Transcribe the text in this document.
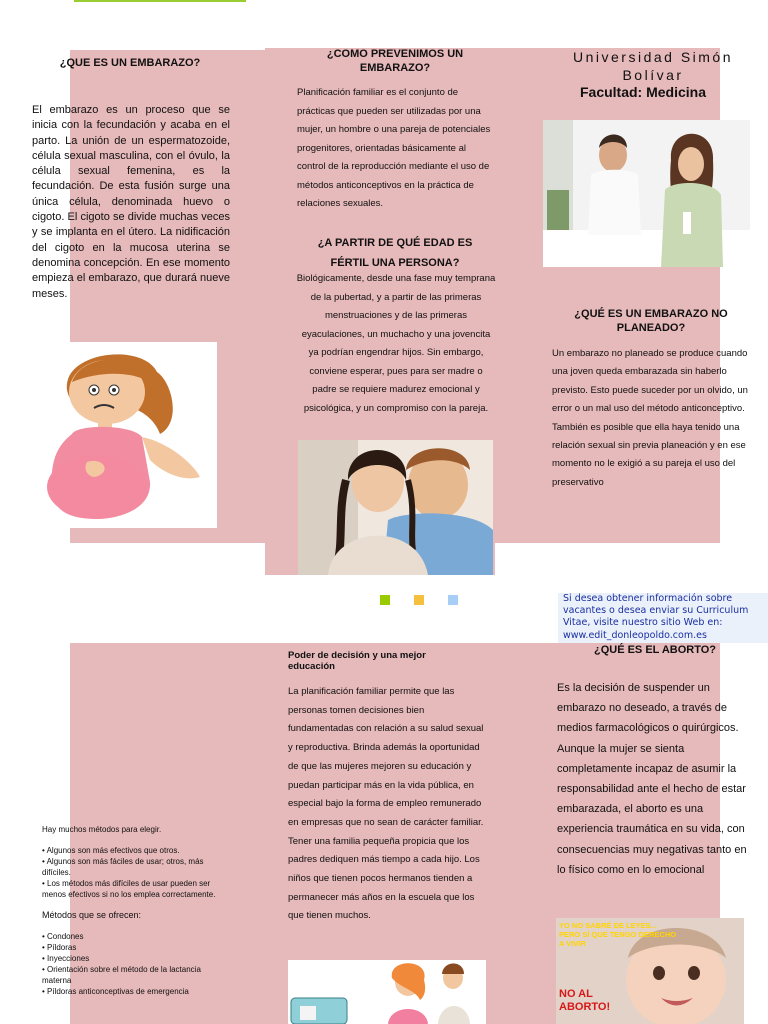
¿QUE ES UN EMBARAZO?

El embarazo es un proceso que se inicia con la fecundación y acaba en el parto. La unión de un espermatozoide, célula sexual masculina, con el óvulo, la célula sexual femenina, es la fecundación. De esta fusión surge una única célula, denominada huevo o cigoto. El cigoto se divide muchas veces y se implanta en el útero. La nidificación del cigoto en la mucosa uterina se denomina concepción. En ese momento empieza el embarazo, que durará nueve meses.

¿COMO PREVENIMOS UN EMBARAZO?

Planificación familiar es el conjunto de prácticas que pueden ser utilizadas por una mujer, un hombre o una pareja de potenciales progenitores, orientadas básicamente al control de la reproducción mediante el uso de métodos anticonceptivos en la práctica de relaciones sexuales.

¿A PARTIR DE QUÉ EDAD ES FÉRTIL UNA PERSONA?

Biológicamente, desde una fase muy temprana de la pubertad, y a partir de las primeras menstruaciones y de las primeras eyaculaciones, un muchacho y una jovencita ya podrían engendrar hijos. Sin embargo, conviene esperar, pues para ser madre o padre se requiere madurez emocional y psicológica, y un compromiso con la pareja.

Universidad Simón Bolívar
Facultad: Medicina
¿QUÉ ES UN EMBARAZO NO PLANEADO?

Un embarazo no planeado se produce cuando una joven queda embarazada sin haberlo previsto. Esto puede suceder por un olvido, un error o un mal uso del método anticonceptivo. También es posible que ella haya tenido una relación sexual sin previa planeación y en ese momento no le exigió a su pareja el uso del preservativo

Si desea obtener información sobre vacantes o desea enviar su Curriculum Vitae, visite nuestro sitio Web en: www.edit_donleopoldo.com.es

Hay muchos métodos para elegir.

• Algunos son más efectivos que otros.
• Algunos son más fáciles de usar; otros, más difíciles.
• Los métodos más difíciles de usar pueden ser menos efectivos si no los emplea correctamente.

Métodos que se ofrecen:

• Condones
• Píldoras
• Inyecciones
• Orientación sobre el método de la lactancia materna
• Píldoras anticonceptivas de emergencia
Poder de decisión y una mejor educación

La planificación familiar permite que las personas tomen decisiones bien fundamentadas con relación a su salud sexual y reproductiva. Brinda además la oportunidad de que las mujeres mejoren su educación y puedan participar más en la vida pública, en especial bajo la forma de empleo remunerado en empresas que no sean de carácter familiar. Tener una familia pequeña propicia que los padres dediquen más tiempo a cada hijo. Los niños que tienen pocos hermanos tienden a permanecer más años en la escuela que los que tienen muchos.

¿QUÉ ES EL ABORTO?

Es la decisión de suspender un embarazo no deseado, a través de medios farmacológicos o quirúrgicos. Aunque la mujer se sienta completamente incapaz de asumir la responsabilidad ante el hecho de estar embarazada, el aborto es una experiencia traumática en su vida, con consecuencias muy negativas tanto en lo físico como en lo emocional

YO NO SABRÉ DE LEYES... PERO SÍ QUE TENGO DERECHO A VIVIR
NO AL ABORTO!
